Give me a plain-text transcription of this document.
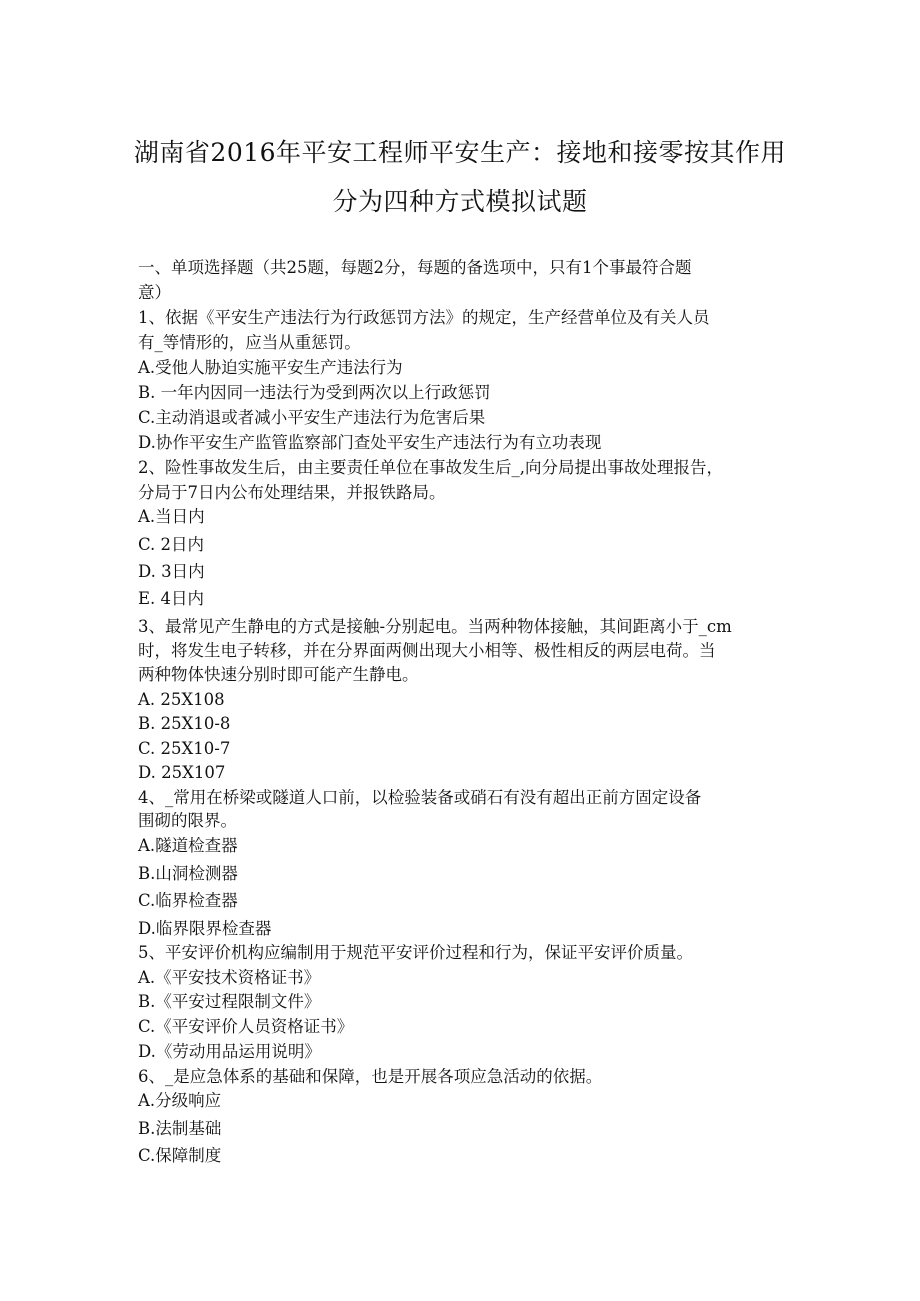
湖南省2016年平安工程师平安生产：接地和接零按其作用
分为四种方式模拟试题
一、单项选择题（共25题，每题2分，每题的备选项中，只有1个事最符合题
意）
1、依据《平安生产违法行为行政惩罚方法》的规定，生产经营单位及有关人员
有_等情形的，应当从重惩罚。
A.受他人胁迫实施平安生产违法行为
B. 一年内因同一违法行为受到两次以上行政惩罚
C.主动消退或者减小平安生产违法行为危害后果
D.协作平安生产监管监察部门查处平安生产违法行为有立功表现
2、险性事故发生后，由主要责任单位在事故发生后_,向分局提出事故处理报告，
分局于7日内公布处理结果，并报铁路局。
A.当日内
C. 2日内
D. 3日内
E. 4日内
3、最常见产生静电的方式是接触-分别起电。当两种物体接触，其间距离小于_cm
时，将发生电子转移，并在分界面两侧出现大小相等、极性相反的两层电荷。当
两种物体快速分别时即可能产生静电。
A. 25X108
B. 25X10-8
C. 25X10-7
D. 25X107
4、_常用在桥梁或隧道人口前，以检验装备或硝石有没有超出正前方固定设备
围砌的限界。
A.隧道检查器
B.山洞检测器
C.临界检查器
D.临界限界检查器
5、平安评价机构应编制用于规范平安评价过程和行为，保证平安评价质量。
A.《平安技术资格证书》
B.《平安过程限制文件》
C.《平安评价人员资格证书》
D.《劳动用品运用说明》
6、_是应急体系的基础和保障，也是开展各项应急活动的依据。
A.分级响应
B.法制基础
C.保障制度
